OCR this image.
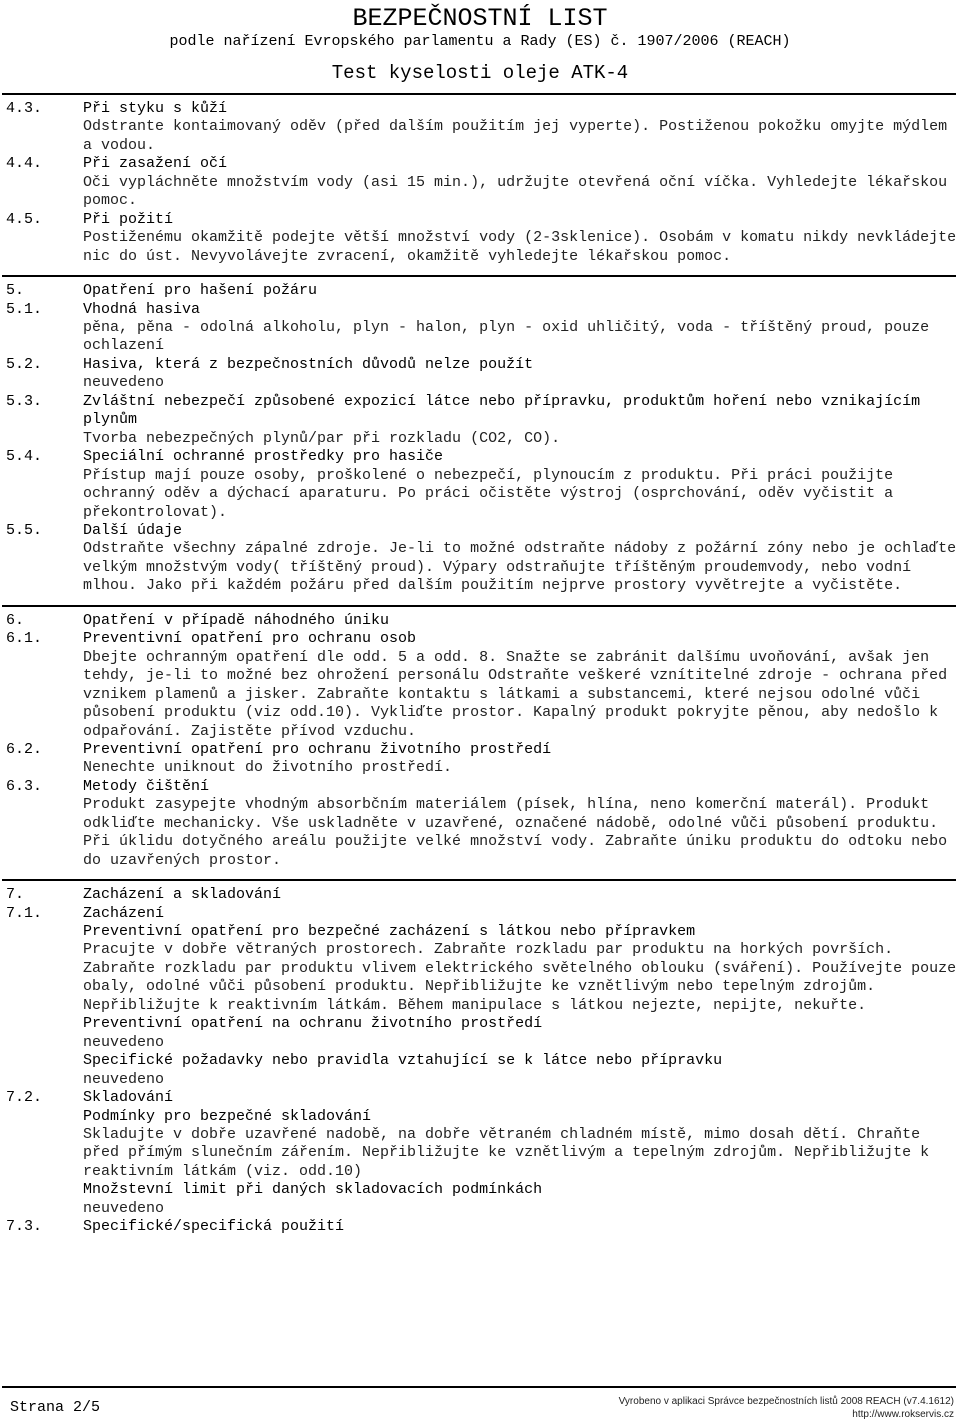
BEZPEČNOSTNÍ LIST
podle nařízení Evropského parlamentu a Rady (ES) č. 1907/2006 (REACH)
Test kyselosti oleje ATK-4
4.3.	Při styku s kůží
Odstrante kontaimovaný oděv (před dalším použitím jej vyperte). Postiženou pokožku omyjte mýdlem a vodou.
4.4.	Při zasažení očí
Oči vypláchněte množstvím vody (asi 15 min.), udržujte otevřená oční víčka. Vyhledejte lékařskou pomoc.
4.5.	Při požití
Postiženému okamžitě podejte větší množství vody (2-3sklenice). Osobám v komatu nikdy nevkládejte nic do úst. Nevyvolávejte zvracení, okamžitě vyhledejte lékařskou pomoc.
5.	Opatření pro hašení požáru
5.1.	Vhodná hasiva
pěna, pěna - odolná alkoholu, plyn - halon, plyn - oxid uhličitý, voda - tříštěný proud, pouze ochlazení
5.2.	Hasiva, která z bezpečnostních důvodů nelze použít
neuvedeno
5.3.	Zvláštní nebezpečí způsobené expozicí látce nebo přípravku, produktům hoření nebo vznikajícím plynům
Tvorba nebezpečných plynů/par při rozkladu (CO2, CO).
5.4.	Speciální ochranné prostředky pro hasiče
Přístup mají pouze osoby, proškolené o nebezpečí, plynoucím z produktu. Při práci použijte ochranný oděv a dýchací aparaturu. Po práci očistěte výstroj (osprchování, oděv vyčistit a překontrolovat).
5.5.	Další údaje
Odstraňte všechny zápalné zdroje. Je-li to možné odstraňte nádoby z požární zóny nebo je ochlaďte velkým množstvým vody( tříštěný proud). Výpary odstraňujte tříštěným proudemvody, nebo vodní mlhou. Jako při každém požáru před dalším použitím nejprve prostory vyvětrejte a vyčistěte.
6.	Opatření v případě náhodného úniku
6.1.	Preventivní opatření pro ochranu osob
Dbejte ochranným opatření dle odd. 5 a odd. 8. Snažte se zabránit dalšímu uvoňování, avšak jen tehdy, je-li to možné bez ohrožení personálu Odstraňte veškeré vznítitelné zdroje - ochrana před vznikem plamenů a jisker. Zabraňte kontaktu s látkami a substancemi, které nejsou odolné vůči působení produktu (viz odd.10). Vykliďte prostor. Kapalný produkt pokryjte pěnou, aby nedošlo k odpařování. Zajistěte přívod vzduchu.
6.2.	Preventivní opatření pro ochranu životního prostředí
Nenechte uniknout do životního prostředí.
6.3.	Metody čištění
Produkt zasypejte vhodným absorbčním materiálem (písek, hlína, neno komerční materál). Produkt odkliďte mechanicky. Vše uskladněte v uzavřené, označené nádobě, odolné vůči působení produktu. Při úklidu dotyčného areálu použijte velké množství vody. Zabraňte úniku produktu do odtoku nebo do uzavřených prostor.
7.	Zacházení a skladování
7.1.	Zacházení
Preventivní opatření pro bezpečné zacházení s látkou nebo přípravkem
Pracujte v dobře větraných prostorech. Zabraňte rozkladu par produktu na horkých površích. Zabraňte rozkladu par produktu vlivem elektrického světelného oblouku (sváření). Používejte pouze obaly, odolné vůči působení produktu. Nepřibližujte ke vznětlivým nebo tepelným zdrojům. Nepřibližujte k reaktivním látkám. Během manipulace s látkou nejezte, nepijte, nekuřte.
Preventivní opatření na ochranu životního prostředí
neuvedeno
Specifické požadavky nebo pravidla vztahující se k látce nebo přípravku
neuvedeno
7.2.	Skladování
Podmínky pro bezpečné skladování
Skladujte v dobře uzavřené nadobě, na dobře větraném chladném místě, mimo dosah dětí. Chraňte před přímým slunečním zářením. Nepřibližujte ke vznětlivým a tepelným zdrojům. Nepřibližujte k reaktivním látkám (viz. odd.10)
Množstevní limit při daných skladovacích podmínkách
neuvedeno
7.3.	Specifické/specifická použití
Strana 2/5	Vyrobeno v aplikaci Správce bezpečnostních listů 2008 REACH (v7.4.1612)
http://www.rokservis.cz
